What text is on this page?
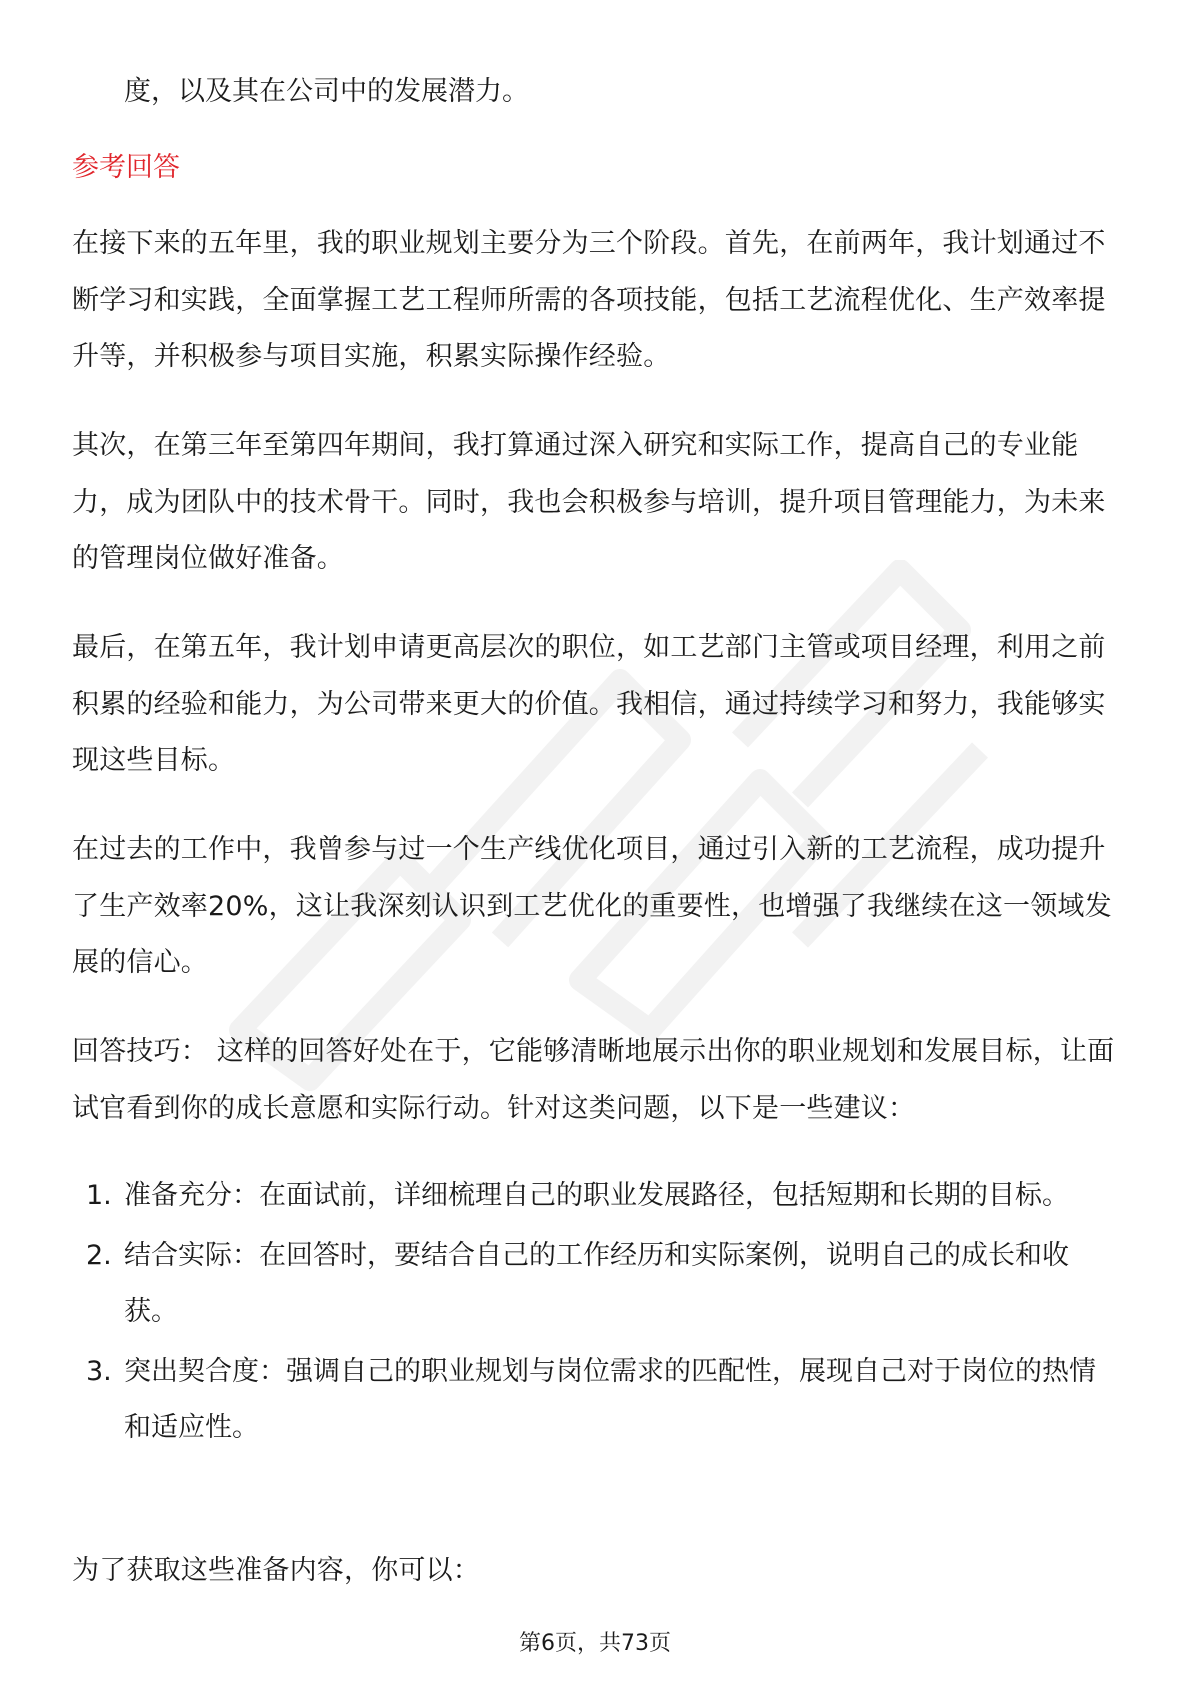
度，以及其在公司中的发展潜力。

参考回答

在接下来的五年里，我的职业规划主要分为三个阶段。首先，在前两年，我计划通过不断学习和实践，全面掌握工艺工程师所需的各项技能，包括工艺流程优化、生产效率提升等，并积极参与项目实施，积累实际操作经验。

其次，在第三年至第四年期间，我打算通过深入研究和实际工作，提高自己的专业能力，成为团队中的技术骨干。同时，我也会积极参与培训，提升项目管理能力，为未来的管理岗位做好准备。

最后，在第五年，我计划申请更高层次的职位，如工艺部门主管或项目经理，利用之前积累的经验和能力，为公司带来更大的价值。我相信，通过持续学习和努力，我能够实现这些目标。

在过去的工作中，我曾参与过一个生产线优化项目，通过引入新的工艺流程，成功提升了生产效率20%，这让我深刻认识到工艺优化的重要性，也增强了我继续在这一领域发展的信心。

回答技巧： 这样的回答好处在于，它能够清晰地展示出你的职业规划和发展目标，让面试官看到你的成长意愿和实际行动。针对这类问题，以下是一些建议：

1. 准备充分：在面试前，详细梳理自己的职业发展路径，包括短期和长期的目标。
2. 结合实际：在回答时，要结合自己的工作经历和实际案例，说明自己的成长和收获。
3. 突出契合度：强调自己的职业规划与岗位需求的匹配性，展现自己对于岗位的热情和适应性。

为了获取这些准备内容，你可以：

第6页，共73页
